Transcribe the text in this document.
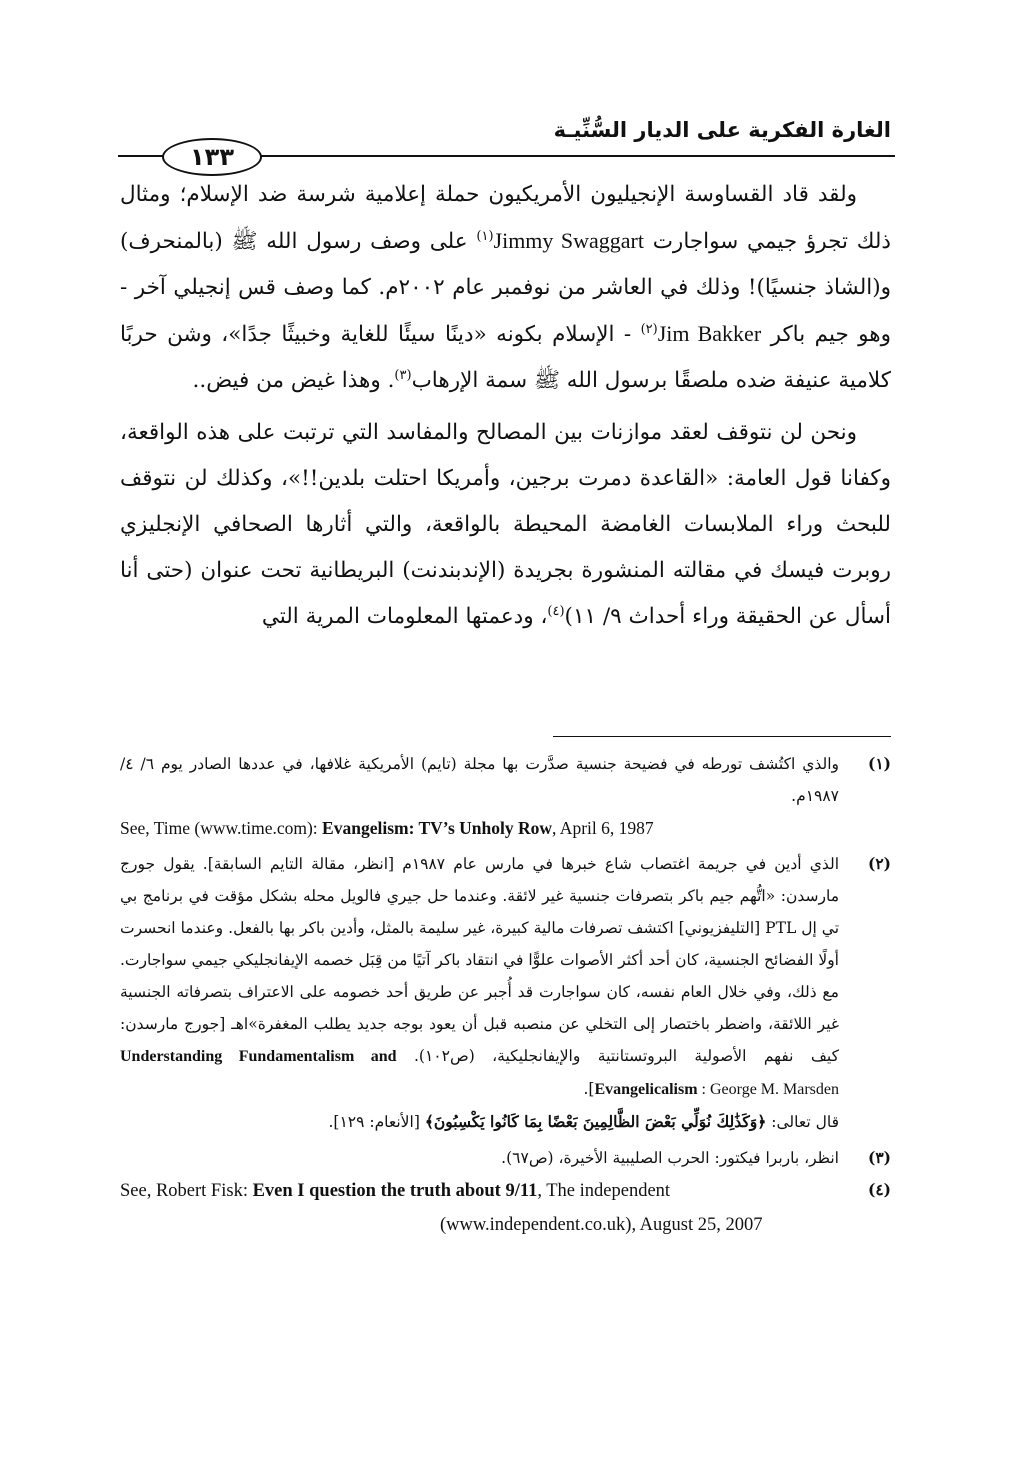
الغارة الفكرية على الديار السُّنِّيـة
١٣٣

ولقد قاد القساوسة الإنجيليون الأمريكيون حملة إعلامية شرسة ضد الإسلام؛ ومثال ذلك تجرؤ جيمي سواجارت Jimmy Swaggart$^{(١)}$ على وصف رسول الله ﷺ (بالمنحرف) و(الشاذ جنسيًا)! وذلك في العاشر من نوفمبر عام ٢٠٠٢م. كما وصف قس إنجيلي آخر - وهو جيم باكر Jim Bakker$^{(٢)}$ - الإسلام بكونه «دينًا سيئًا للغاية وخبيثًا جدًا»، وشن حربًا كلامية عنيفة ضده ملصقًا برسول الله ﷺ سمة الإرهاب$^{(٣)}$. وهذا غيض من فيض..

ونحن لن نتوقف لعقد موازنات بين المصالح والمفاسد التي ترتبت على هذه الواقعة، وكفانا قول العامة: «القاعدة دمرت برجين، وأمريكا احتلت بلدين!!»، وكذلك لن نتوقف للبحث وراء الملابسات الغامضة المحيطة بالواقعة، والتي أثارها الصحافي الإنجليزي روبرت فيسك في مقالته المنشورة بجريدة (الإندبندنت) البريطانية تحت عنوان (حتى أنا أسأل عن الحقيقة وراء أحداث ٩/ ١١)$^{(٤)}$، ودعمتها المعلومات المرية التي

(١)
والذي اكتُشف تورطه في فضيحة جنسية صدَّرت بها مجلة (تايم) الأمريكية غلافها، في عددها الصادر يوم ٦/ ٤/ ١٩٨٧م.
See, Time (www.time.com): Evangelism: TV’s Unholy Row, April 6, 1987
(٢)
الذي أدين في جريمة اغتصاب شاع خبرها في مارس عام ١٩٨٧م [انظر، مقالة التايم السابقة]. يقول جورج مارسدن: «اتُّهم جيم باكر بتصرفات جنسية غير لائقة. وعندما حل جيري فالويل محله بشكل مؤقت في برنامج بي تي إل PTL [التليفزيوني] اكتشف تصرفات مالية كبيرة، غير سليمة بالمثل، وأدين باكر بها بالفعل. وعندما انحسرت أولًا الفضائح الجنسية، كان أحد أكثر الأصوات علوًّا في انتقاد باكر آتيًا من قِبَل خصمه الإيفانجليكي جيمي سواجارت. مع ذلك، وفي خلال العام نفسه، كان سواجارت قد أُجبر عن طريق أحد خصومه على الاعتراف بتصرفاته الجنسية غير اللائقة، واضطر باختصار إلى التخلي عن منصبه قبل أن يعود بوجه جديد يطلب المغفرة»اهـ [جورج مارسدن: كيف نفهم الأصولية البروتستانتية والإيفانجليكية، (ص١٠٢). Understanding Fundamentalism and Evangelicalism : George M. Marsden].
قال تعالى: ﴿وَكَذَٰلِكَ نُوَلِّي بَعْضَ الظَّالِمِينَ بَعْضًا بِمَا كَانُوا يَكْسِبُونَ﴾ [الأنعام: ١٢٩].
(٣)
انظر، باربرا فيكتور: الحرب الصليبية الأخيرة، (ص٦٧).
(٤)
See, Robert Fisk: Even I question the truth about 9/11, The independent
(www.independent.co.uk), August 25, 2007
